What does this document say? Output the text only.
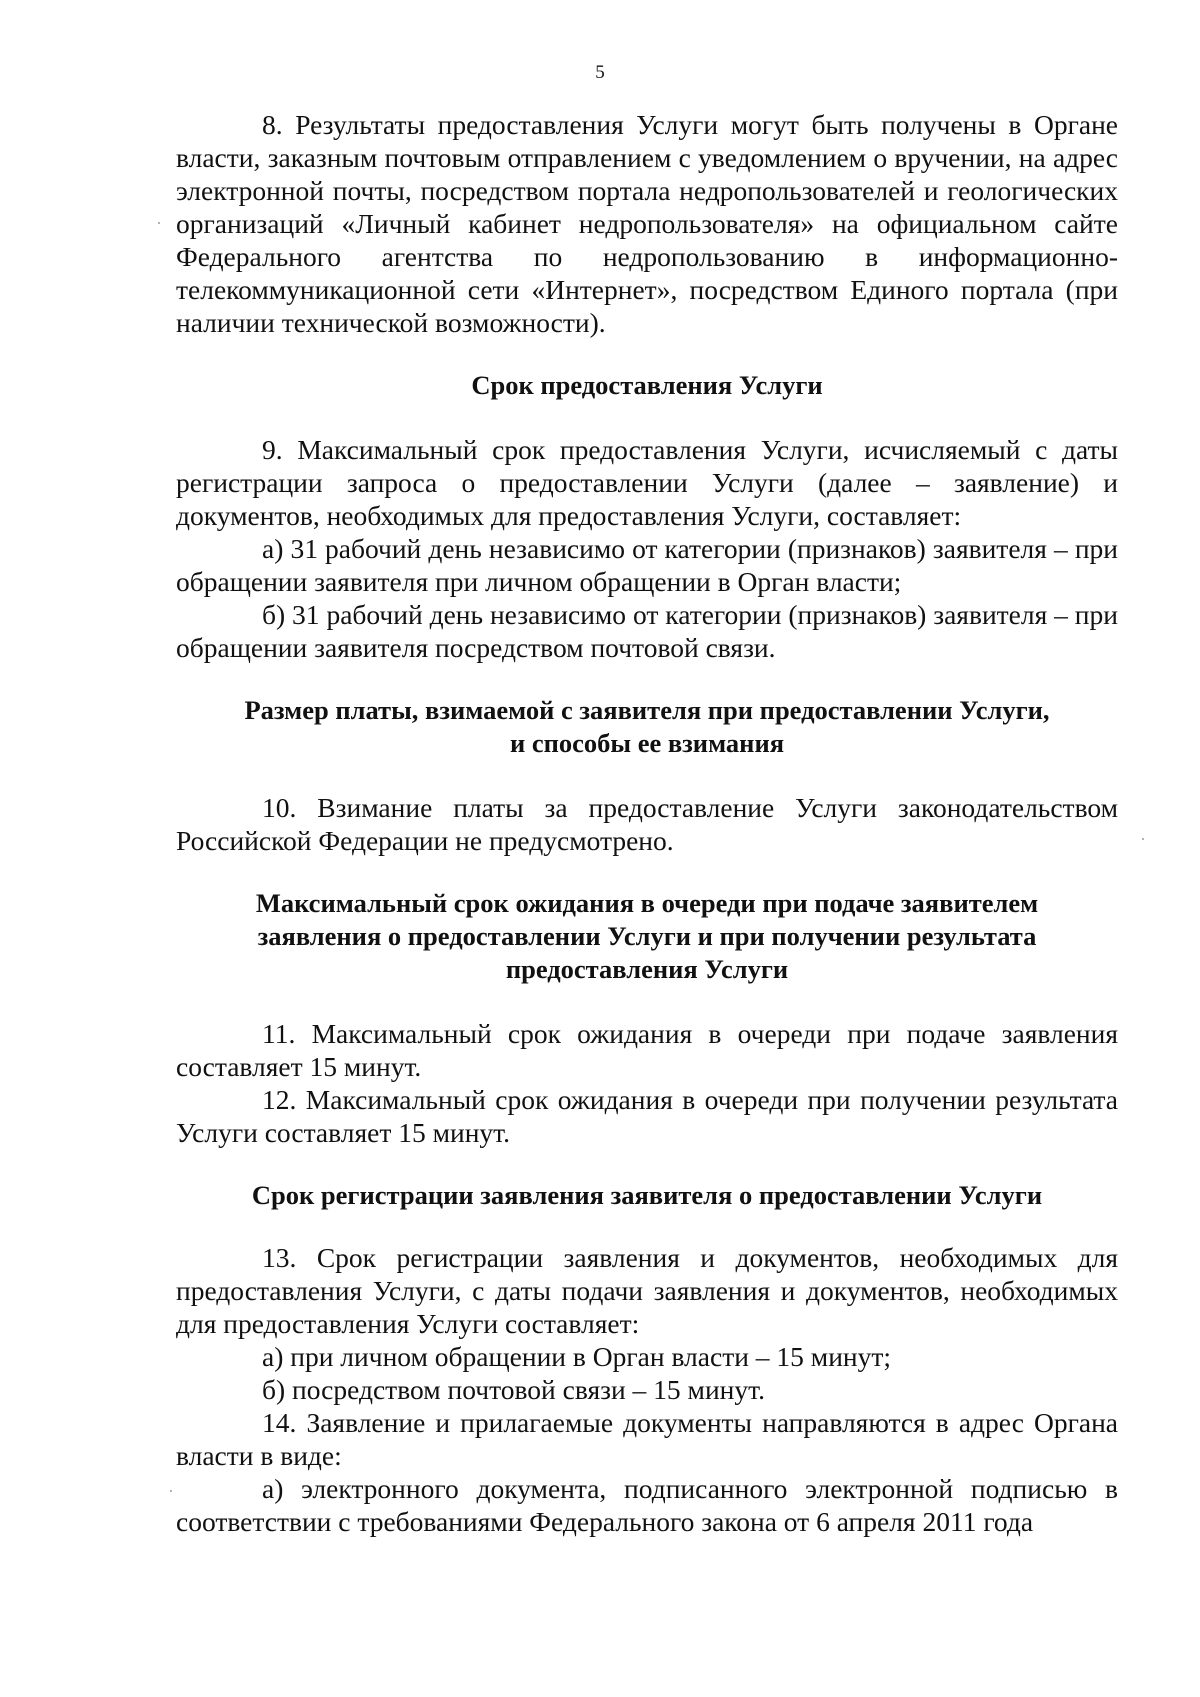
5

8. Результаты предоставления Услуги могут быть получены в Органе власти, заказным почтовым отправлением с уведомлением о вручении, на адрес электронной почты, посредством портала недропользователей и геологических организаций «Личный кабинет недропользователя» на официальном сайте Федерального агентства по недропользованию в информационно-телекоммуникационной сети «Интернет», посредством Единого портала (при наличии технической возможности).

Срок предоставления Услуги

9. Максимальный срок предоставления Услуги, исчисляемый с даты регистрации запроса о предоставлении Услуги (далее – заявление) и документов, необходимых для предоставления Услуги, составляет:

а) 31 рабочий день независимо от категории (признаков) заявителя – при обращении заявителя при личном обращении в Орган власти;

б) 31 рабочий день независимо от категории (признаков) заявителя – при обращении заявителя посредством почтовой связи.

Размер платы, взимаемой с заявителя при предоставлении Услуги,
и способы ее взимания

10. Взимание платы за предоставление Услуги законодательством Российской Федерации не предусмотрено.

Максимальный срок ожидания в очереди при подаче заявителем
заявления о предоставлении Услуги и при получении результата
предоставления Услуги

11. Максимальный срок ожидания в очереди при подаче заявления составляет 15 минут.

12. Максимальный срок ожидания в очереди при получении результата Услуги составляет 15 минут.

Срок регистрации заявления заявителя о предоставлении Услуги

13. Срок регистрации заявления и документов, необходимых для предоставления Услуги, с даты подачи заявления и документов, необходимых для предоставления Услуги составляет:

а) при личном обращении в Орган власти – 15 минут;

б) посредством почтовой связи – 15 минут.

14. Заявление и прилагаемые документы направляются в адрес Органа власти в виде:

а) электронного документа, подписанного электронной подписью в соответствии с требованиями Федерального закона от 6 апреля 2011 года
